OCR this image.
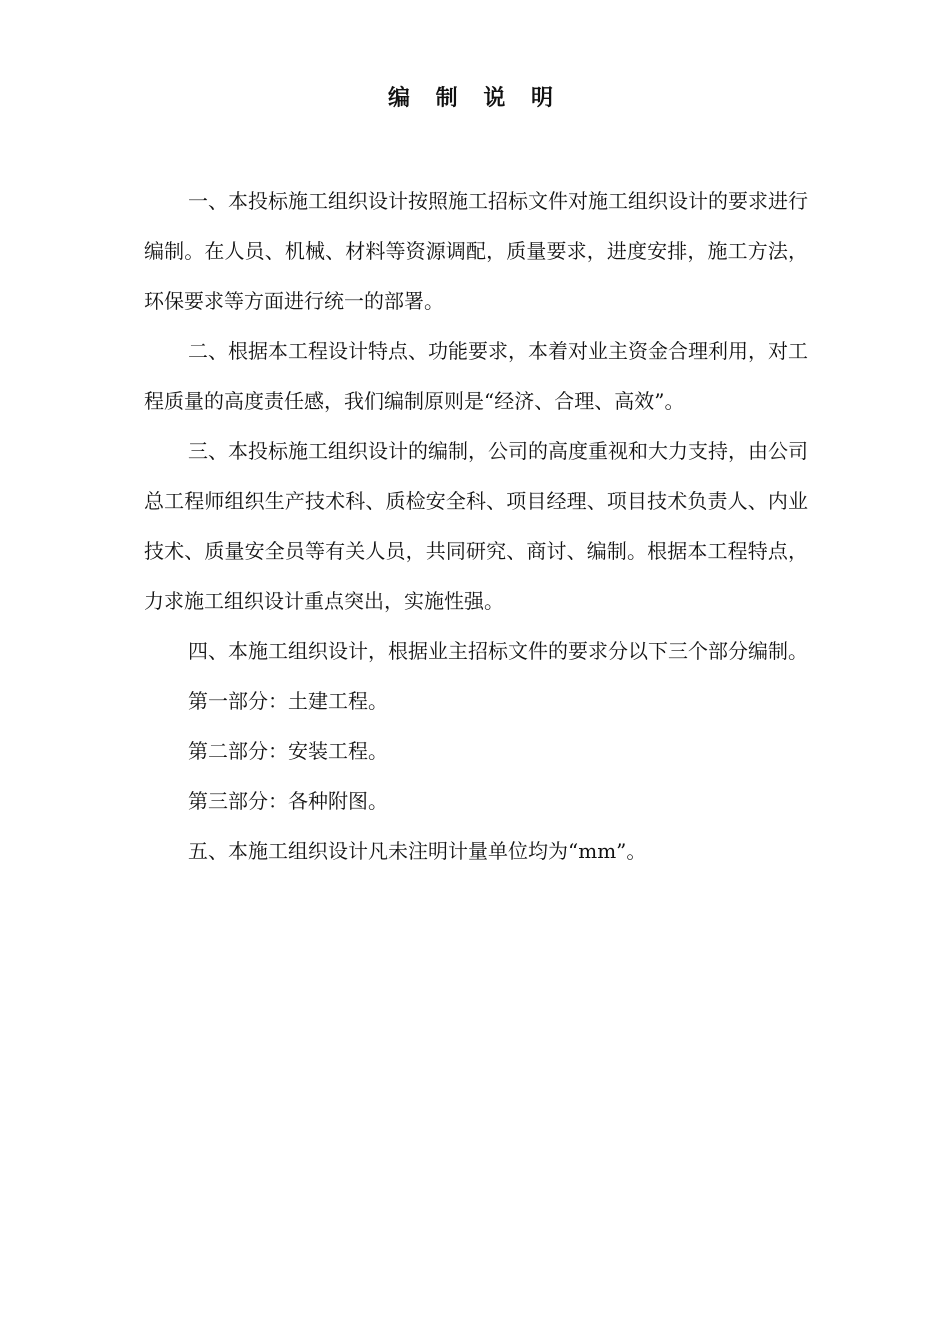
编 制 说 明

一、本投标施工组织设计按照施工招标文件对施工组织设计的要求进行编制。在人员、机械、材料等资源调配，质量要求，进度安排，施工方法，环保要求等方面进行统一的部署。

二、根据本工程设计特点、功能要求，本着对业主资金合理利用，对工程质量的高度责任感，我们编制原则是“经济、合理、高效”。

三、本投标施工组织设计的编制，公司的高度重视和大力支持，由公司总工程师组织生产技术科、质检安全科、项目经理、项目技术负责人、内业技术、质量安全员等有关人员，共同研究、商讨、编制。根据本工程特点，力求施工组织设计重点突出，实施性强。

四、本施工组织设计，根据业主招标文件的要求分以下三个部分编制。

第一部分：土建工程。

第二部分：安装工程。

第三部分：各种附图。

五、本施工组织设计凡未注明计量单位均为“mm”。
